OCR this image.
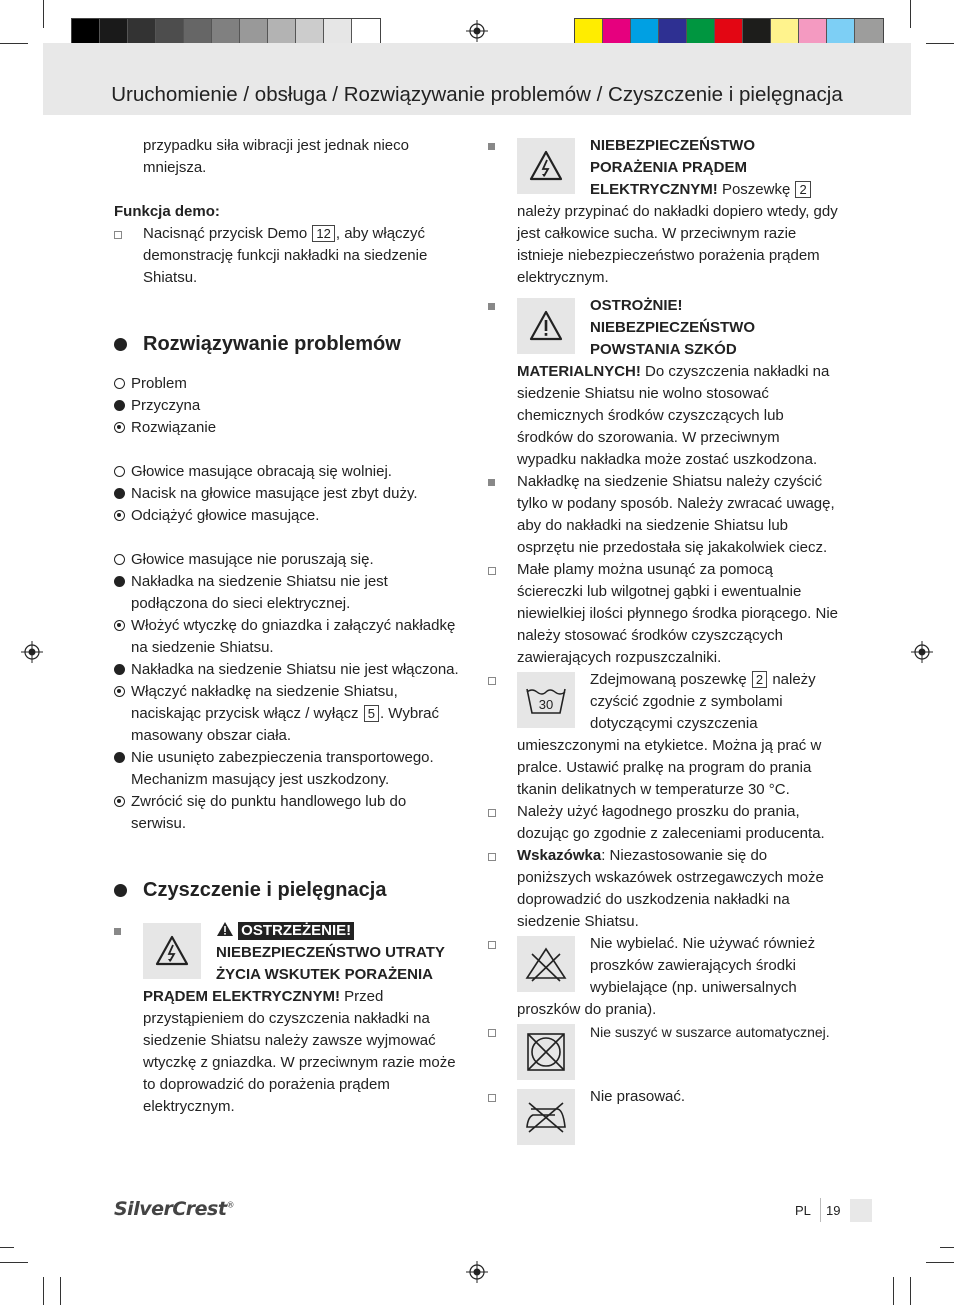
Uruchomienie / obsługa / Rozwiązywanie problemów / Czyszczenie i pielęgnacja

przypadku siła wibracji jest jednak nieco
mniejsza.

Funkcja demo:

Nacisnąć przycisk Demo 12 , aby włączyć demonstrację funkcji nakładki na siedzenie Shiatsu.
Rozwiązywanie problemów
Problem
Przyczyna
Rozwiązanie
Głowice masujące obracają się wolniej.
Nacisk na głowice masujące jest zbyt duży.
Odciążyć głowice masujące.
Głowice masujące nie poruszają się.
Nakładka na siedzenie Shiatsu nie jest podłączona do sieci elektrycznej.
Włożyć wtyczkę do gniazdka i załączyć nakładkę na siedzenie Shiatsu.
Nakładka na siedzenie Shiatsu nie jest włączona.
Włączyć nakładkę na siedzenie Shiatsu, naciskając przycisk włącz / wyłącz 5 . Wybrać masowany obszar ciała.
Nie usunięto zabezpieczenia transportowego. Mechanizm masujący jest uszkodzony.
Zwrócić się do punktu handlowego lub do serwisu.
Czyszczenie i pielęgnacja
OSTRZEŻENIE! NIEBEZPIECZEŃSTWO UTRATY ŻYCIA WSKUTEK PORAŻENIA PRĄDEM ELEKTRYCZNYM! Przed przystąpieniem do czyszczenia nakładki na siedzenie Shiatsu należy zawsze wyjmować wtyczkę z gniazdka. W przeciwnym razie może to doprowadzić do porażenia prądem elektrycznym.
NIEBEZPIECZEŃSTWO PORAŻENIA PRĄDEM ELEKTRYCZNYM! Poszewkę 2 należy przypinać do nakładki dopiero wtedy, gdy jest całkowice sucha. W przeciwnym razie istnieje niebezpieczeństwo porażenia prądem elektrycznym.
OSTROŻNIE! NIEBEZPIECZEŃSTWO POWSTANIA SZKÓD MATERIALNYCH! Do czyszczenia nakładki na siedzenie Shiatsu nie wolno stosować chemicznych środków czyszczących lub środków do szorowania. W przeciwnym wypadku nakładka może zostać uszkodzona.
Nakładkę na siedzenie Shiatsu należy czyścić tylko w podany sposób. Należy zwracać uwagę, aby do nakładki na siedzenie Shiatsu lub osprzętu nie przedostała się jakakolwiek ciecz.
Małe plamy można usunąć za pomocą ściereczki lub wilgotnej gąbki i ewentualnie niewielkiej ilości płynnego środka piorącego. Nie należy stosować środków czyszczących zawierających rozpuszczalniki.
30
Zdejmowaną poszewkę 2 należy czyścić zgodnie z symbolami dotyczącymi czyszczenia umieszczonymi na etykietce. Można ją prać w pralce. Ustawić pralkę na program do prania tkanin delikatnych w temperaturze 30 °C.
Należy użyć łagodnego proszku do prania, dozując go zgodnie z zaleceniami producenta.
Wskazówka: Niezastosowanie się do poniższych wskazówek ostrzegawczych może doprowadzić do uszkodzenia nakładki na siedzenie Shiatsu.
Nie wybielać. Nie używać również proszków zawierających środki wybielające (np. uniwersalnych proszków do prania).
Nie suszyć w suszarce automatycznej.
Nie prasować.
SilverCrest®	PL 19
